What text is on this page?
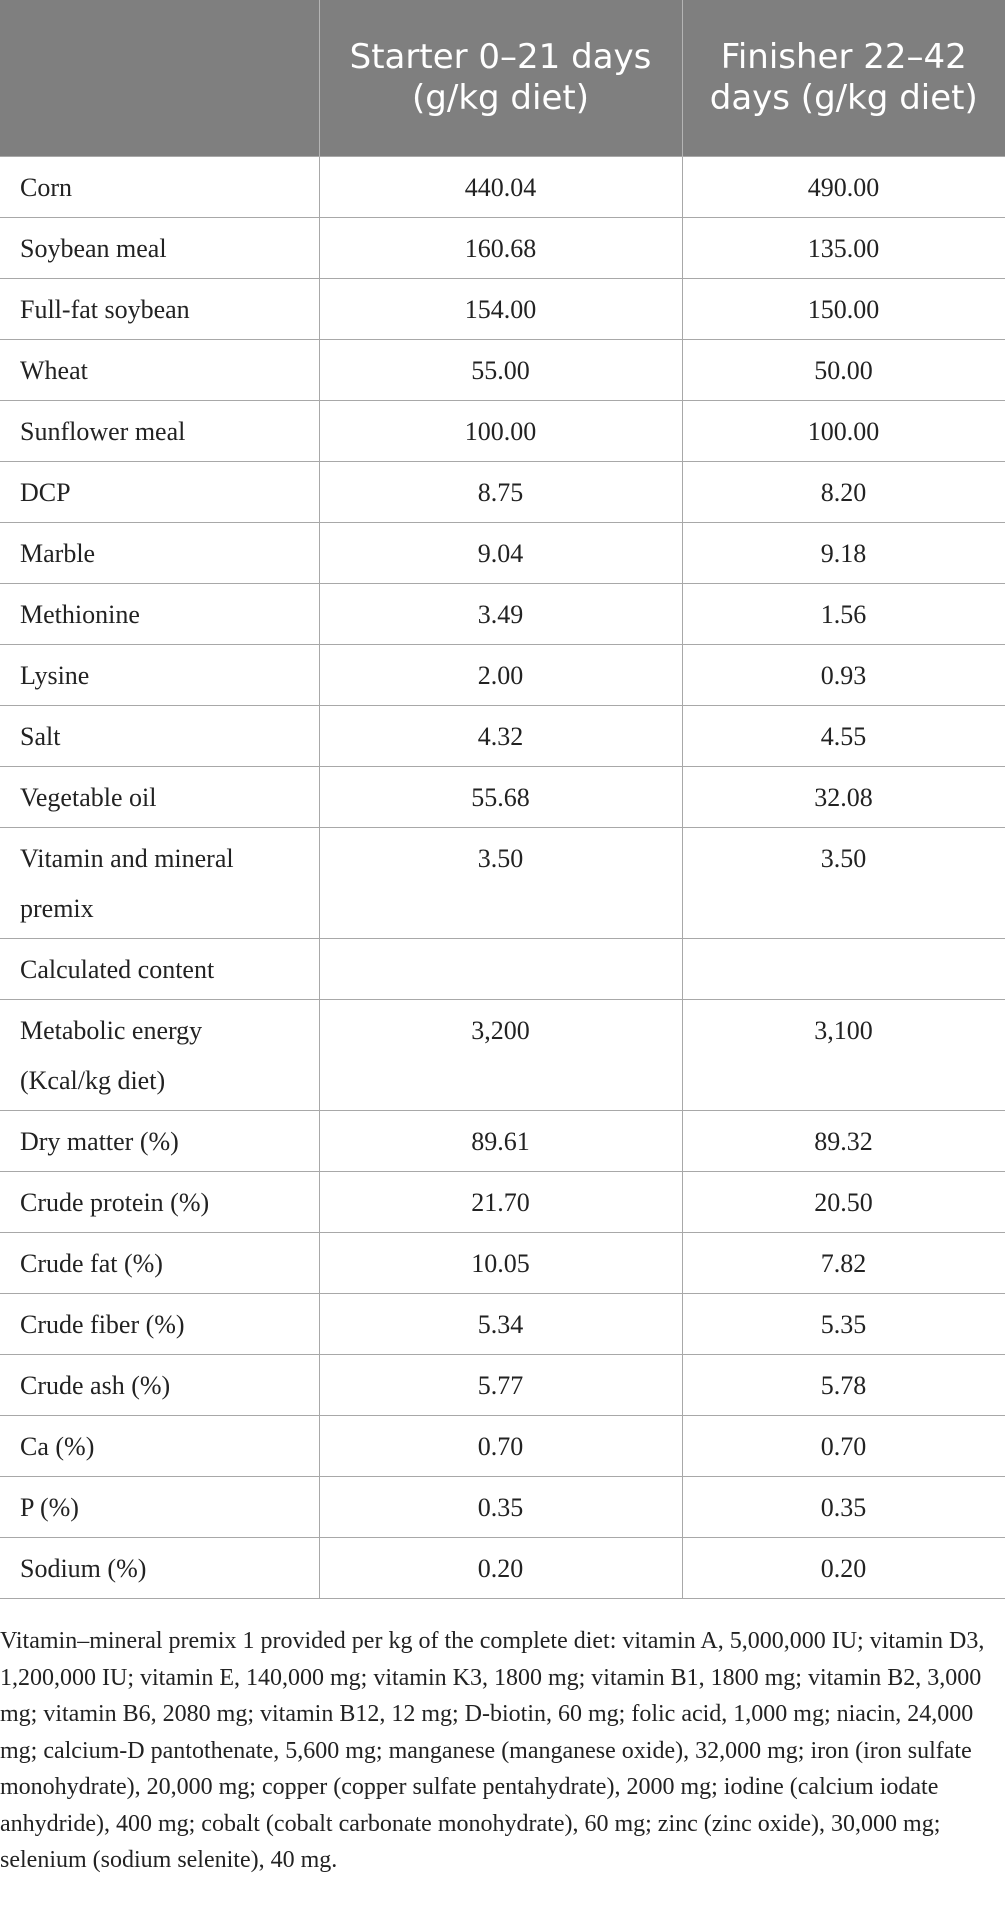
	Starter 0–21 days (g/kg diet)	Finisher 22–42 days (g/kg diet)
Corn	440.04	490.00
Soybean meal	160.68	135.00
Full-fat soybean	154.00	150.00
Wheat	55.00	50.00
Sunflower meal	100.00	100.00
DCP	8.75	8.20
Marble	9.04	9.18
Methionine	3.49	1.56
Lysine	2.00	0.93
Salt	4.32	4.55
Vegetable oil	55.68	32.08
Vitamin and mineral premix	3.50	3.50
Calculated content		
Metabolic energy (Kcal/kg diet)	3,200	3,100
Dry matter (%)	89.61	89.32
Crude protein (%)	21.70	20.50
Crude fat (%)	10.05	7.82
Crude fiber (%)	5.34	5.35
Crude ash (%)	5.77	5.78
Ca (%)	0.70	0.70
P (%)	0.35	0.35
Sodium (%)	0.20	0.20

Vitamin–mineral premix 1 provided per kg of the complete diet: vitamin A, 5,000,000 IU; vitamin D3, 1,200,000 IU; vitamin E, 140,000 mg; vitamin K3, 1800 mg; vitamin B1, 1800 mg; vitamin B2, 3,000 mg; vitamin B6, 2080 mg; vitamin B12, 12 mg; D-biotin, 60 mg; folic acid, 1,000 mg; niacin, 24,000 mg; calcium-D pantothenate, 5,600 mg; manganese (manganese oxide), 32,000 mg; iron (iron sulfate monohydrate), 20,000 mg; copper (copper sulfate pentahydrate), 2000 mg; iodine (calcium iodate anhydride), 400 mg; cobalt (cobalt carbonate monohydrate), 60 mg; zinc (zinc oxide), 30,000 mg; selenium (sodium selenite), 40 mg.
